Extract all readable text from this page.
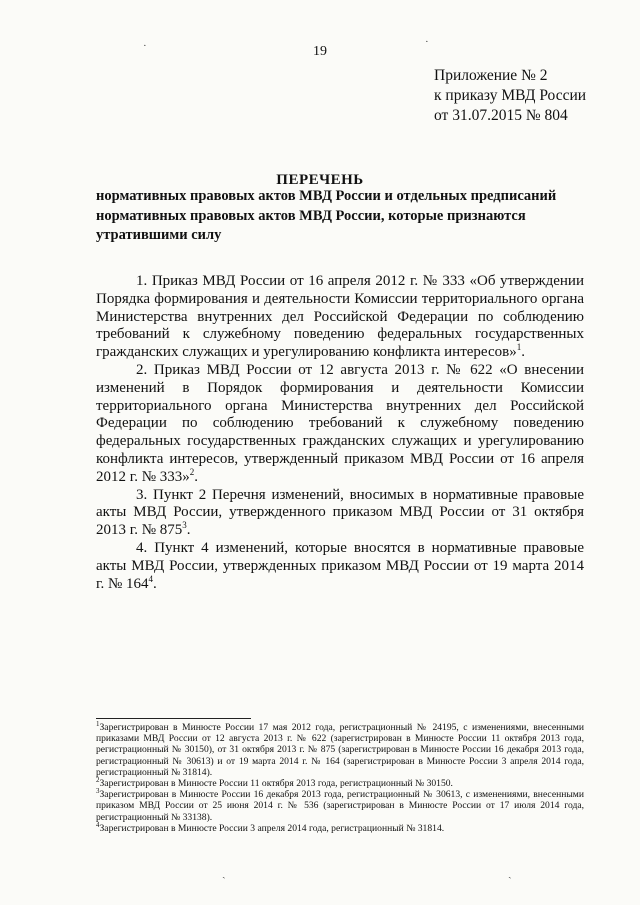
·	·
19
Приложение № 2
к приказу МВД России
от 31.07.2015 № 804
ПЕРЕЧЕНЬ
нормативных правовых актов МВД России и отдельных предписаний
нормативных правовых актов МВД России, которые признаются
утратившими силу

1. Приказ МВД России от 16 апреля 2012 г. № 333 «Об утверждении Порядка формирования и деятельности Комиссии территориального органа Министерства внутренних дел Российской Федерации по соблюдению требований к служебному поведению федеральных государственных гражданских служащих и урегулированию конфликта интересов»$^1$.

2. Приказ МВД России от 12 августа 2013 г. № 622 «О внесении изменений в Порядок формирования и деятельности Комиссии территориального органа Министерства внутренних дел Российской Федерации по соблюдению требований к служебному поведению федеральных государственных гражданских служащих и урегулированию конфликта интересов, утвержденный приказом МВД России от 16 апреля 2012 г. № 333»$^2$.

3. Пункт 2 Перечня изменений, вносимых в нормативные правовые акты МВД России, утвержденного приказом МВД России от 31 октября 2013 г. № $875^3$.

4. Пункт 4 изменений, которые вносятся в нормативные правовые акты МВД России, утвержденных приказом МВД России от 19 марта 2014 г. № $164^4$.

$^1$Зарегистрирован в Минюсте России 17 мая 2012 года, регистрационный № 24195, с изменениями, внесенными приказами МВД России от 12 августа 2013 г. № 622 (зарегистрирован в Минюсте России 11 октября 2013 года, регистрационный № 30150), от 31 октября 2013 г. № 875 (зарегистрирован в Минюсте России 16 декабря 2013 года, регистрационный № 30613) и от 19 марта 2014 г. № 164 (зарегистрирован в Минюсте России 3 апреля 2014 года, регистрационный № 31814).

$^2$Зарегистрирован в Минюсте России 11 октября 2013 года, регистрационный № 30150.

$^3$Зарегистрирован в Минюсте России 16 декабря 2013 года, регистрационный № 30613, с изменениями, внесенными приказом МВД России от 25 июня 2014 г. № 536 (зарегистрирован в Минюсте России от 17 июля 2014 года, регистрационный № 33138).

$^4$Зарегистрирован в Минюсте России 3 апреля 2014 года, регистрационный № 31814.

ˏ	ˏ
